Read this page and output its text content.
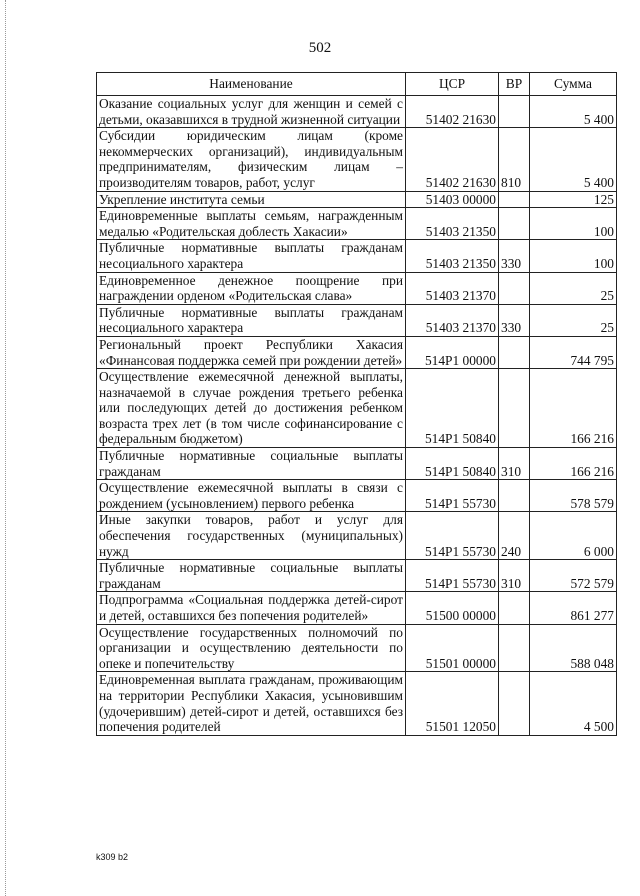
502
Наименование	ЦСР	ВР	Сумма
Оказание социальных услуг для женщин и семей с детьми, оказавшихся в трудной жизненной ситуации	51402 21630		5 400
Субсидии юридическим лицам (кроме некоммерческих организаций), индивидуальным предпринимателям, физическим лицам – производителям товаров, работ, услуг	51402 21630	810	5 400
Укрепление института семьи	51403 00000		125
Единовременные выплаты семьям, награжденным медалью «Родительская доблесть Хакасии»	51403 21350		100
Публичные нормативные выплаты гражданам несоциального характера	51403 21350	330	100
Единовременное денежное поощрение при награждении орденом «Родительская слава»	51403 21370		25
Публичные нормативные выплаты гражданам несоциального характера	51403 21370	330	25
Региональный проект Республики Хакасия «Финансовая поддержка семей при рождении детей»	514P1 00000		744 795
Осуществление ежемесячной денежной выплаты, назначаемой в случае рождения третьего ребенка или последующих детей до достижения ребенком возраста трех лет (в том числе софинансирование с федеральным бюджетом)	514P1 50840		166 216
Публичные нормативные социальные выплаты гражданам	514P1 50840	310	166 216
Осуществление ежемесячной выплаты в связи с рождением (усыновлением) первого ребенка	514P1 55730		578 579
Иные закупки товаров, работ и услуг для обеспечения государственных (муниципальных) нужд	514P1 55730	240	6 000
Публичные нормативные социальные выплаты гражданам	514P1 55730	310	572 579
Подпрограмма «Социальная поддержка детей-сирот и детей, оставшихся без попечения родителей»	51500 00000		861 277
Осуществление государственных полномочий по организации и осуществлению деятельности по опеке и попечительству	51501 00000		588 048
Единовременная выплата гражданам, проживающим на территории Республики Хакасия, усыновившим (удочерившим) детей-сирот и детей, оставшихся без попечения родителей	51501 12050		4 500
k309 b2
